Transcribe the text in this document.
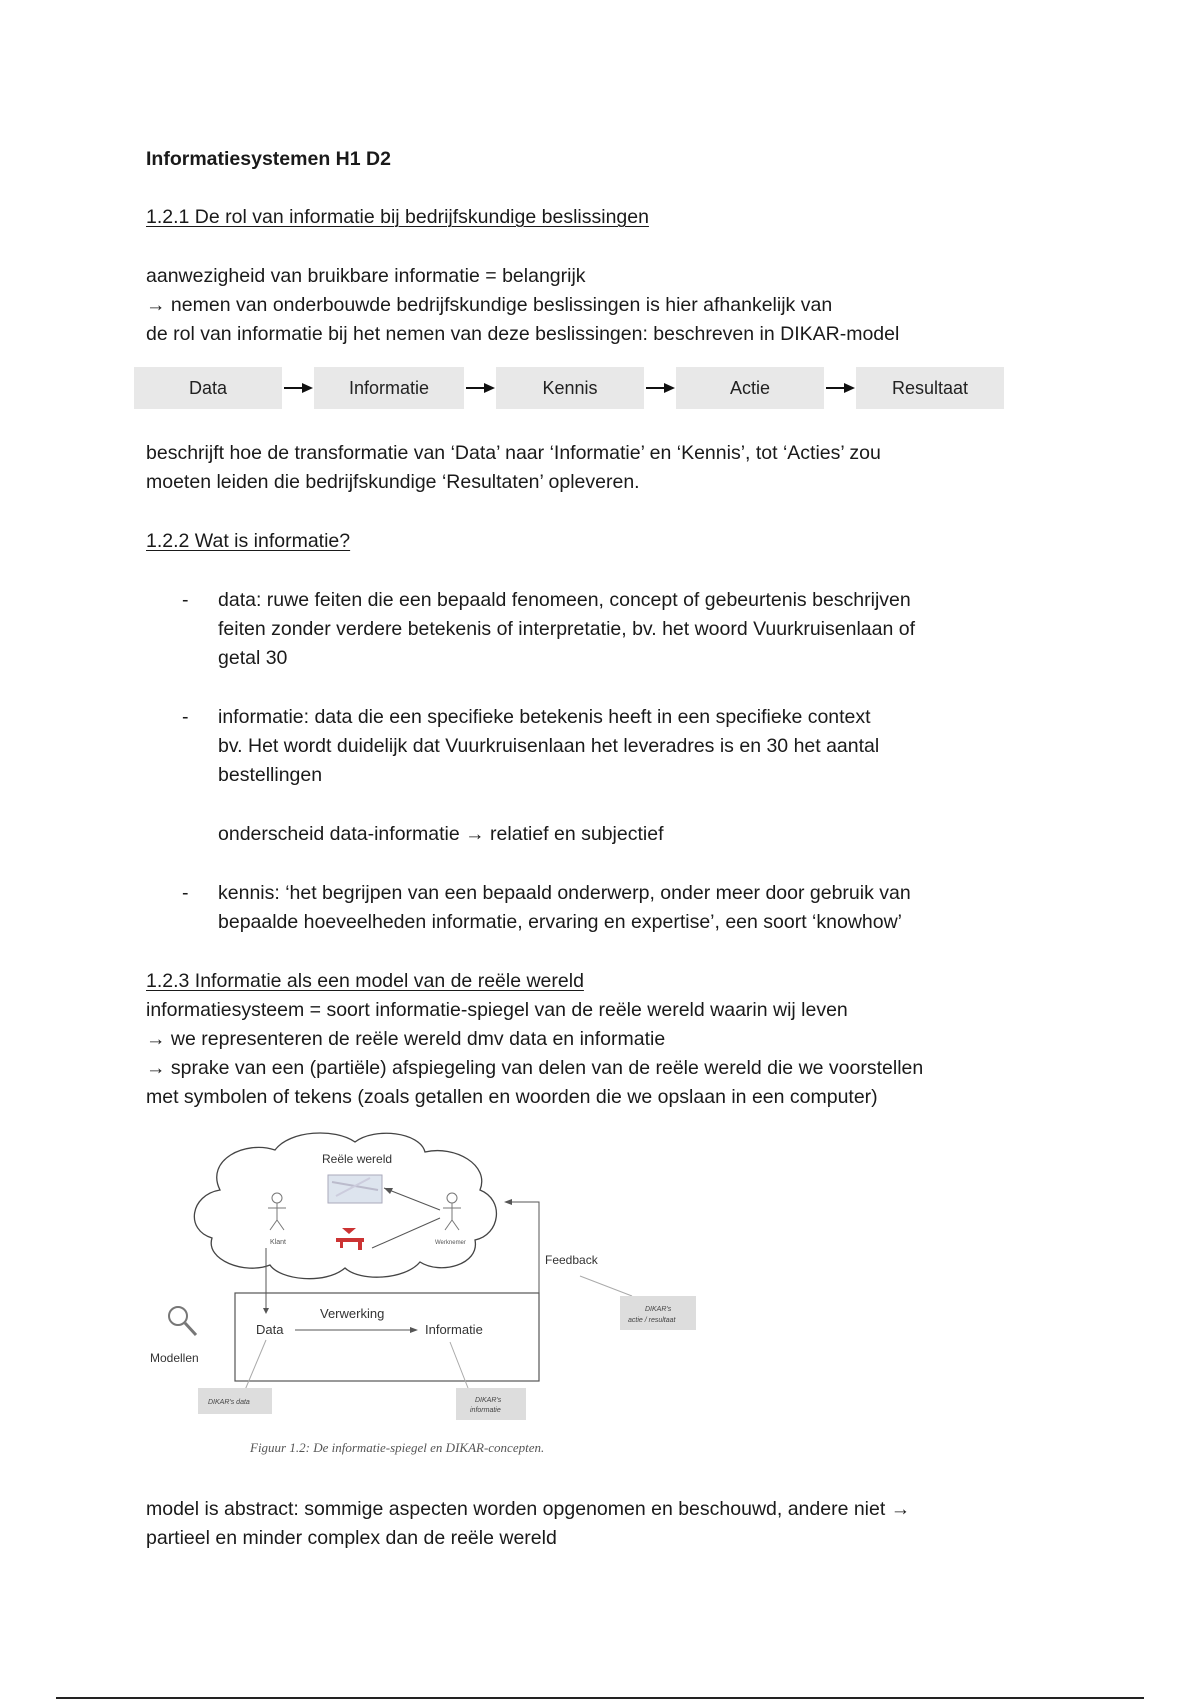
Informatiesystemen H1 D2
1.2.1 De rol van informatie bij bedrijfskundige beslissingen
aanwezigheid van bruikbare informatie = belangrijk
→ nemen van onderbouwde bedrijfskundige beslissingen is hier afhankelijk van
de rol van informatie bij het nemen van deze beslissingen: beschreven in DIKAR-model
Data	Informatie	Kennis	Actie	Resultaat
beschrijft hoe de transformatie van ‘Data’ naar ‘Informatie’ en ‘Kennis’, tot ‘Acties’ zou
moeten leiden die bedrijfskundige ‘Resultaten’ opleveren.
1.2.2 Wat is informatie?
- data: ruwe feiten die een bepaald fenomeen, concept of gebeurtenis beschrijven
feiten zonder verdere betekenis of interpretatie, bv. het woord Vuurkruisenlaan of
getal 30
- informatie: data die een specifieke betekenis heeft in een specifieke context
bv. Het wordt duidelijk dat Vuurkruisenlaan het leveradres is en 30 het aantal
bestellingen
onderscheid data-informatie → relatief en subjectief
- kennis: ‘het begrijpen van een bepaald onderwerp, onder meer door gebruik van
bepaalde hoeveelheden informatie, ervaring en expertise’, een soort ‘knowhow’
1.2.3 Informatie als een model van de reële wereld
informatiesysteem = soort informatie-spiegel van de reële wereld waarin wij leven
→ we representeren de reële wereld dmv data en informatie
→ sprake van een (partiële) afspiegeling van delen van de reële wereld die we voorstellen
met symbolen of tekens (zoals getallen en woorden die we opslaan in een computer)
Reële wereld
Klant	Werknemer
Data
Verwerking
Informatie
Feedback
Modellen
DIKAR's data	DIKAR's
informatie
DIKAR's
actie / resultaat
Figuur 1.2: De informatie-spiegel en DIKAR-concepten.
model is abstract: sommige aspecten worden opgenomen en beschouwd, andere niet →
partieel en minder complex dan de reële wereld
